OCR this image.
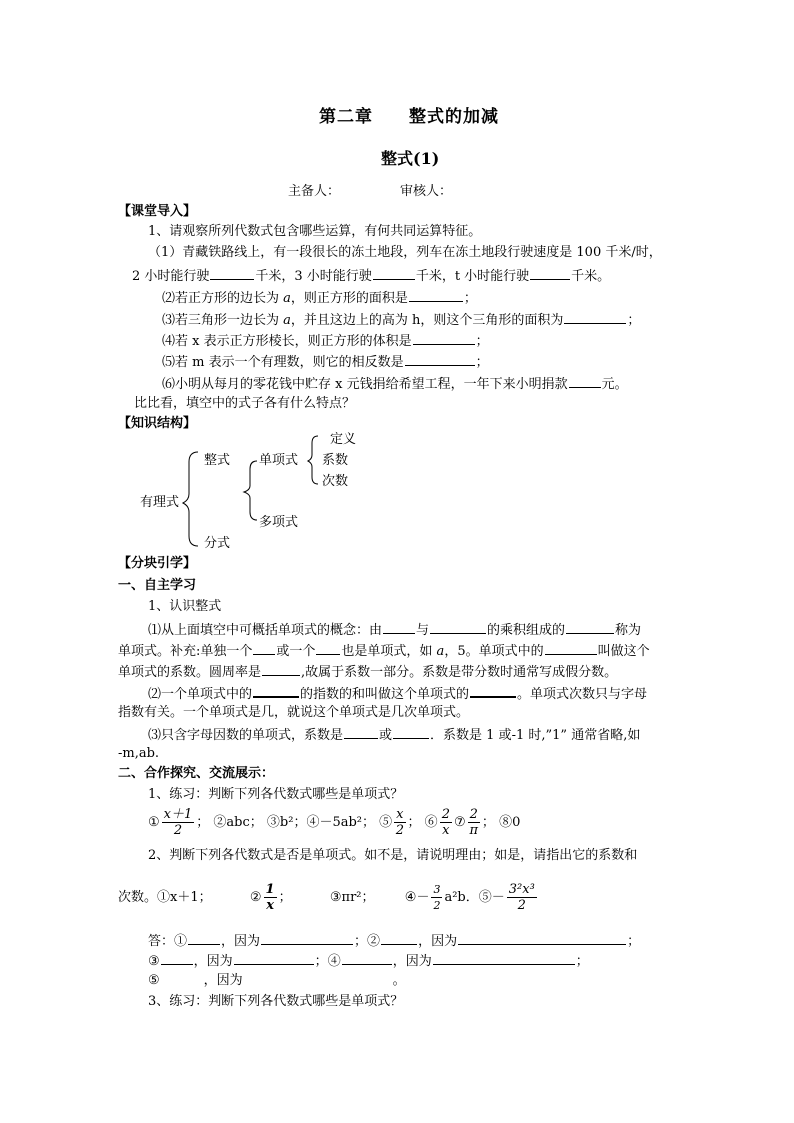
第二章　　整式的加减
整式(1)
主备人：	审核人：
【课堂导入】
1、请观察所列代数式包含哪些运算，有何共同运算特征。
（1）青藏铁路线上，有一段很长的冻土地段，列车在冻土地段行驶速度是 100 千米/时，
2 小时能行驶	千米，3 小时能行驶	千米，t 小时能行驶	千米。
⑵若正方形的边长为 a，则正方形的面积是	；
⑶若三角形一边长为 a，并且这边上的高为 h，则这个三角形的面积为	；
⑷若 x 表示正方形棱长，则正方形的体积是	；
⑸若 m 表示一个有理数，则它的相反数是	；
⑹小明从每月的零花钱中贮存 x 元钱捐给希望工程，一年下来小明捐款	元。
比比看，填空中的式子各有什么特点？
【知识结构】
有理式
整式
分式
单项式
多项式
定义
系数
次数
【分块引学】
一、自主学习
1、认识整式
⑴从上面填空中可概括单项式的概念：由	与	的乘积组成的	称为
单项式。补充:单独一个 或一个 也是单项式，如 a，5。单项式中的	叫做这个
单项式的系数。圆周率是	,故属于系数一部分。系数是带分数时通常写成假分数。
⑵一个单项式中的	的指数的和叫做这个单项式的	。单项式次数只与字母
指数有关。一个单项式是几，就说这个单项式是几次单项式。
⑶只含字母因数的单项式，系数是	或	．系数是 1 或-1 时,”1” 通常省略,如
-m,ab.
二、合作探究、交流展示：
1、练习：判断下列各代数式哪些是单项式？
① $\frac{x+1}{2}$ ； ②abc； ③b²；④－5ab²； ⑤ $\frac{x}{2}$ ； ⑥ $\frac{2}{x}$ ⑦ $\frac{2}{\pi}$ ； ⑧0
2、判断下列各代数式是否是单项式。如不是，请说明理由；如是，请指出它的系数和
次数。①x＋1；	② $\frac{1}{x}$ ；	③πr²； ④－ $\frac{3}{2} a^2b$．⑤－ $\frac{\text{3²x³}}{2}$
答：①	，因为	；②	，因为	；
③	，因为	；④	，因为	；
⑤	，因为	。
3、练习：判断下列各代数式哪些是单项式？
